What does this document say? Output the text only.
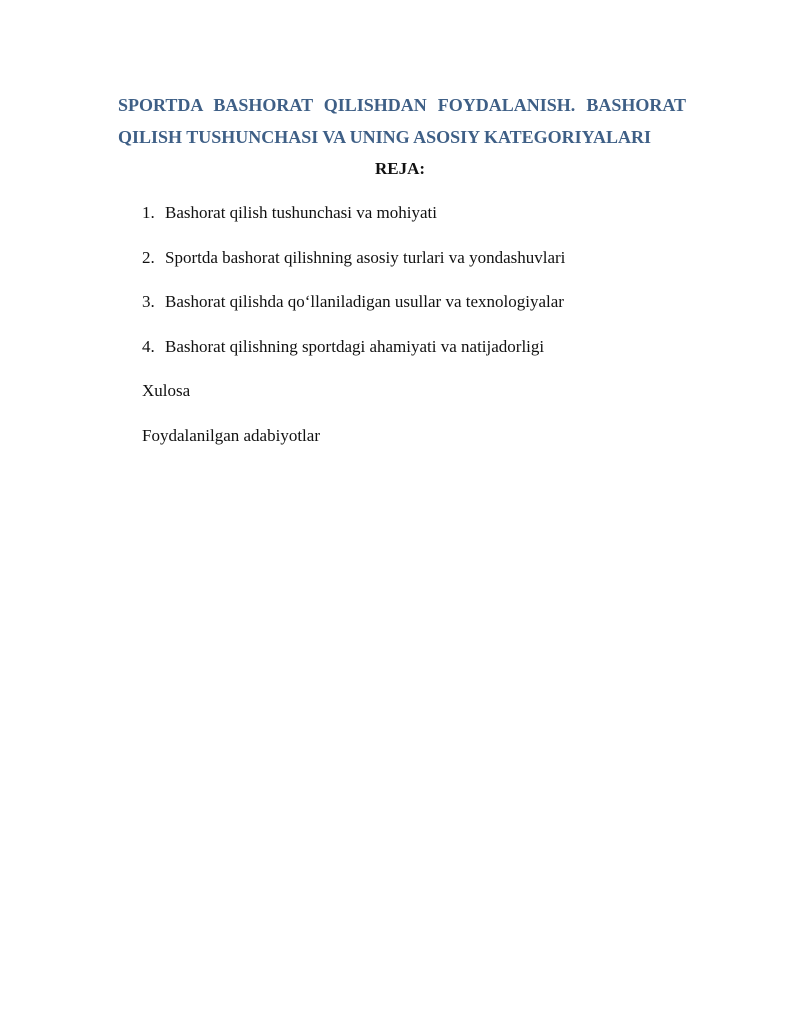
SPORTDA BASHORAT QILISHDAN FOYDALANISH. BASHORAT
QILISH TUSHUNCHASI VA UNING ASOSIY KATEGORIYALARI
REJA:
1. Bashorat qilish tushunchasi va mohiyati
2. Sportda bashorat qilishning asosiy turlari va yondashuvlari
3. Bashorat qilishda qo‘llaniladigan usullar va texnologiyalar
4. Bashorat qilishning sportdagi ahamiyati va natijadorligi
Xulosa
Foydalanilgan adabiyotlar
